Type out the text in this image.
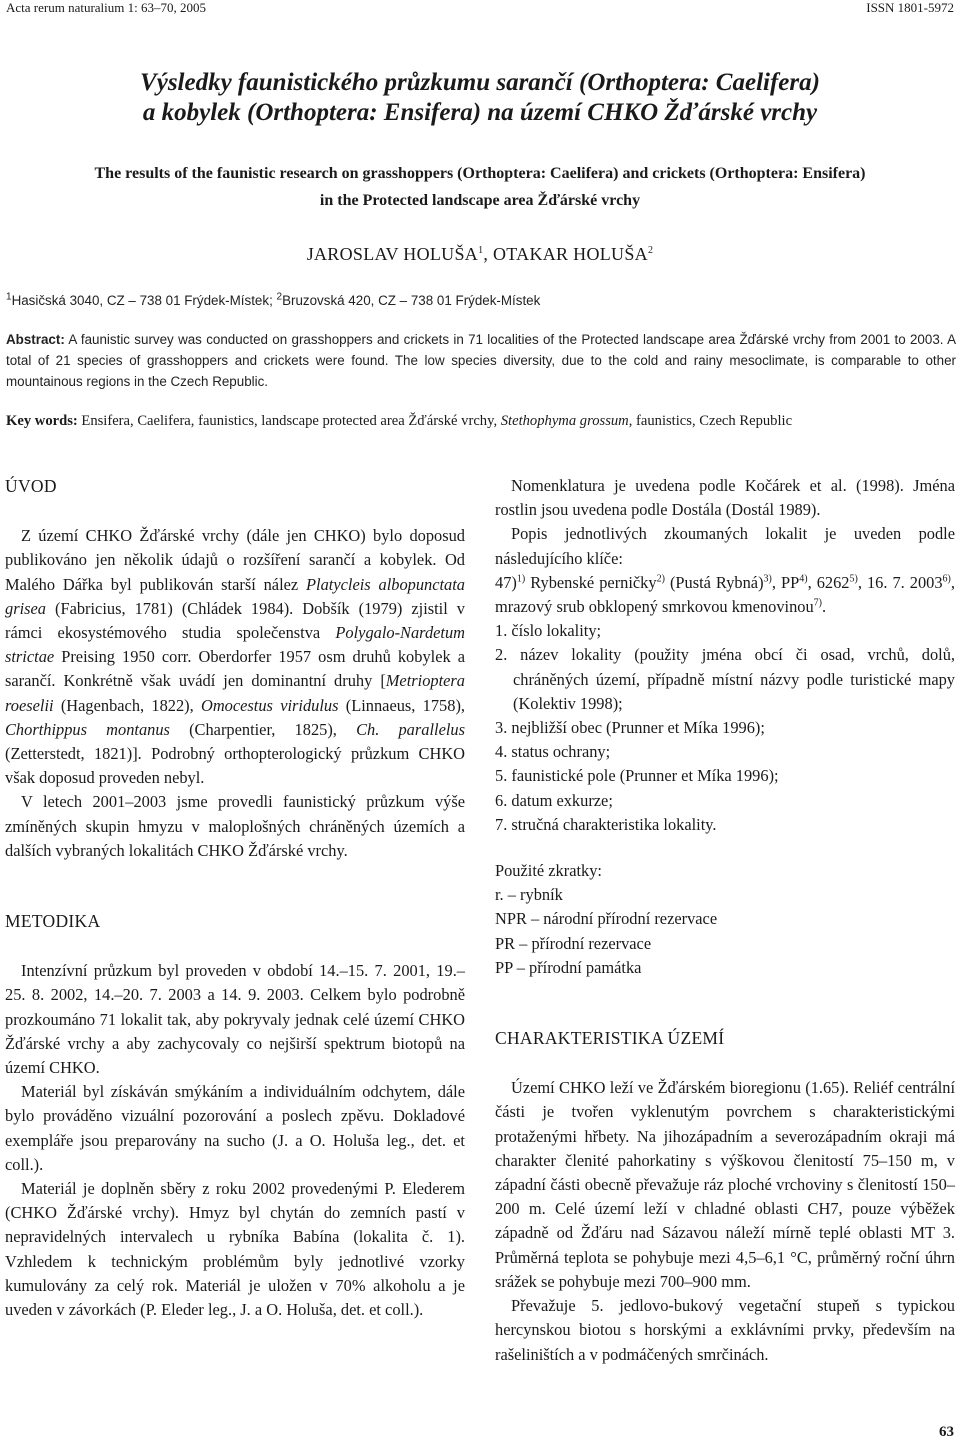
Acta rerum naturalium 1: 63–70, 2005	ISSN 1801-5972
Výsledky faunistického průzkumu sarančí (Orthoptera: Caelifera)
a kobylek (Orthoptera: Ensifera) na území CHKO Žďárské vrchy
The results of the faunistic research on grasshoppers (Orthoptera: Caelifera) and crickets (Orthoptera: Ensifera)
in the Protected landscape area Žďárské vrchy
JAROSLAV HOLUŠA$^1$, OTAKAR HOLUŠA$^2$
$^1$Hasičská 3040, CZ – 738 01 Frýdek-Místek; $^2$Bruzovská 420, CZ – 738 01 Frýdek-Místek
Abstract: A faunistic survey was conducted on grasshoppers and crickets in 71 localities of the Protected landscape area Žďárské vrchy from 2001 to 2003. A total of 21 species of grasshoppers and crickets were found. The low species diversity, due to the cold and rainy mesoclimate, is comparable to other mountainous regions in the Czech Republic.
Key words: Ensifera, Caelifera, faunistics, landscape protected area Žďárské vrchy, Stethophyma grossum, faunistics, Czech Republic
ÚVOD

Z území CHKO Žďárské vrchy (dále jen CHKO) bylo doposud publikováno jen několik údajů o rozšíření sarančí a kobylek. Od Malého Dářka byl publikován starší nález Platycleis albopunctata grisea (Fabricius, 1781) (Chládek 1984). Dobšík (1979) zjistil v rámci ekosystémového studia společenstva Polygalo-Nardetum strictae Preising 1950 corr. Oberdorfer 1957 osm druhů kobylek a sarančí. Konkrétně však uvádí jen dominantní druhy [Metrioptera roeselii (Hagenbach, 1822), Omocestus viridulus (Linnaeus, 1758), Chorthippus montanus (Charpentier, 1825), Ch. parallelus (Zetterstedt, 1821)]. Podrobný orthopterologický průzkum CHKO však doposud proveden nebyl.

V letech 2001–2003 jsme provedli faunistický průzkum výše zmíněných skupin hmyzu v maloplošných chráněných územích a dalších vybraných lokalitách CHKO Žďárské vrchy.

METODIKA

Intenzívní průzkum byl proveden v období 14.–15. 7. 2001, 19.–25. 8. 2002, 14.–20. 7. 2003 a 14. 9. 2003. Celkem bylo podrobně prozkoumáno 71 lokalit tak, aby pokryvaly jednak celé území CHKO Žďárské vrchy a aby zachycovaly co nejširší spektrum biotopů na území CHKO.

Materiál byl získáván smýkáním a individuálním odchytem, dále bylo prováděno vizuální pozorování a poslech zpěvu. Dokladové exempláře jsou preparovány na sucho (J. a O. Holuša leg., det. et coll.).

Materiál je doplněn sběry z roku 2002 provedenými P. Elederem (CHKO Žďárské vrchy). Hmyz byl chytán do zemních pastí v nepravidelných intervalech u rybníka Babína (lokalita č. 1). Vzhledem k technickým problémům byly jednotlivé vzorky kumulovány za celý rok. Materiál je uložen v 70% alkoholu a je uveden v závorkách (P. Eleder leg., J. a O. Holuša, det. et coll.).

Nomenklatura je uvedena podle Kočárek et al. (1998). Jména rostlin jsou uvedena podle Dostála (Dostál 1989).

Popis jednotlivých zkoumaných lokalit je uveden podle následujícího klíče:

47)$^{1)}$ Rybenské perničky$^{2)}$ (Pustá Rybná)$^{3)}$, PP$^{4)}$, 6262$^{5)}$, 16. 7. 2003$^{6)}$, mrazový srub obklopený smrkovou kmenovinou$^{7)}$.

1. číslo lokality;
2. název lokality (použity jména obcí či osad, vrchů, dolů, chráněných území, případně místní názvy podle turistické mapy (Kolektiv 1998);
3. nejbližší obec (Prunner et Míka 1996);
4. status ochrany;
5. faunistické pole (Prunner et Míka 1996);
6. datum exkurze;
7. stručná charakteristika lokality.
Použité zkratky:
r. – rybník
NPR – národní přírodní rezervace
PR – přírodní rezervace
PP – přírodní památka
CHARAKTERISTIKA ÚZEMÍ

Území CHKO leží ve Žďárském bioregionu (1.65). Reliéf centrální části je tvořen vyklenutým povrchem s charakteristickými protaženými hřbety. Na jihozápadním a severozápadním okraji má charakter členité pahorkatiny s výškovou členitostí 75–150 m, v západní části obecně převažuje ráz ploché vrchoviny s členitostí 150–200 m. Celé území leží v chladné oblasti CH7, pouze výběžek západně od Žďáru nad Sázavou náleží mírně teplé oblasti MT 3. Průměrná teplota se pohybuje mezi 4,5–6,1 °C, průměrný roční úhrn srážek se pohybuje mezi 700–900 mm.

Převažuje 5. jedlovo-bukový vegetační stupeň s typickou hercynskou biotou s horskými a exklávními prvky, především na rašeliništích a v podmáčených smrčinách.

63
